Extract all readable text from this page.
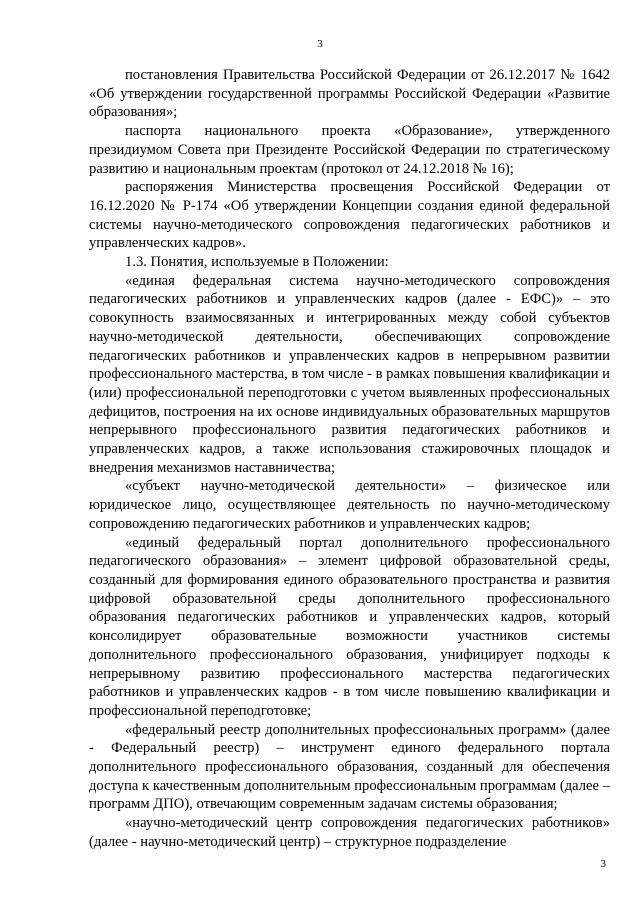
3

постановления Правительства Российской Федерации от 26.12.2017 № 1642 «Об утверждении государственной программы Российской Федерации «Развитие образования»;

паспорта национального проекта «Образование», утвержденного президиумом Совета при Президенте Российской Федерации по стратегическому развитию и национальным проектам (протокол от 24.12.2018 № 16);

распоряжения Министерства просвещения Российской Федерации от 16.12.2020 № Р-174 «Об утверждении Концепции создания единой федеральной системы научно-методического сопровождения педагогических работников и управленческих кадров».

1.3. Понятия, используемые в Положении:

«единая федеральная система научно-методического сопровождения педагогических работников и управленческих кадров (далее - ЕФС)» – это совокупность взаимосвязанных и интегрированных между собой субъектов научно-методической деятельности, обеспечивающих сопровождение педагогических работников и управленческих кадров в непрерывном развитии профессионального мастерства, в том числе - в рамках повышения квалификации и (или) профессиональной переподготовки с учетом выявленных профессиональных дефицитов, построения на их основе индивидуальных образовательных маршрутов непрерывного профессионального развития педагогических работников и управленческих кадров, а также использования стажировочных площадок и внедрения механизмов наставничества;

«субъект научно-методической деятельности» – физическое или юридическое лицо, осуществляющее деятельность по научно-методическому сопровождению педагогических работников и управленческих кадров;

«единый федеральный портал дополнительного профессионального педагогического образования» – элемент цифровой образовательной среды, созданный для формирования единого образовательного пространства и развития цифровой образовательной среды дополнительного профессионального образования педагогических работников и управленческих кадров, который консолидирует образовательные возможности участников системы дополнительного профессионального образования, унифицирует подходы к непрерывному развитию профессионального мастерства педагогических работников и управленческих кадров - в том числе повышению квалификации и профессиональной переподготовке;

«федеральный реестр дополнительных профессиональных программ» (далее - Федеральный реестр) – инструмент единого федерального портала дополнительного профессионального образования, созданный для обеспечения доступа к качественным дополнительным профессиональным программам (далее – программ ДПО), отвечающим современным задачам системы образования;

«научно-методический центр сопровождения педагогических работников» (далее - научно-методический центр) – структурное подразделение

3
